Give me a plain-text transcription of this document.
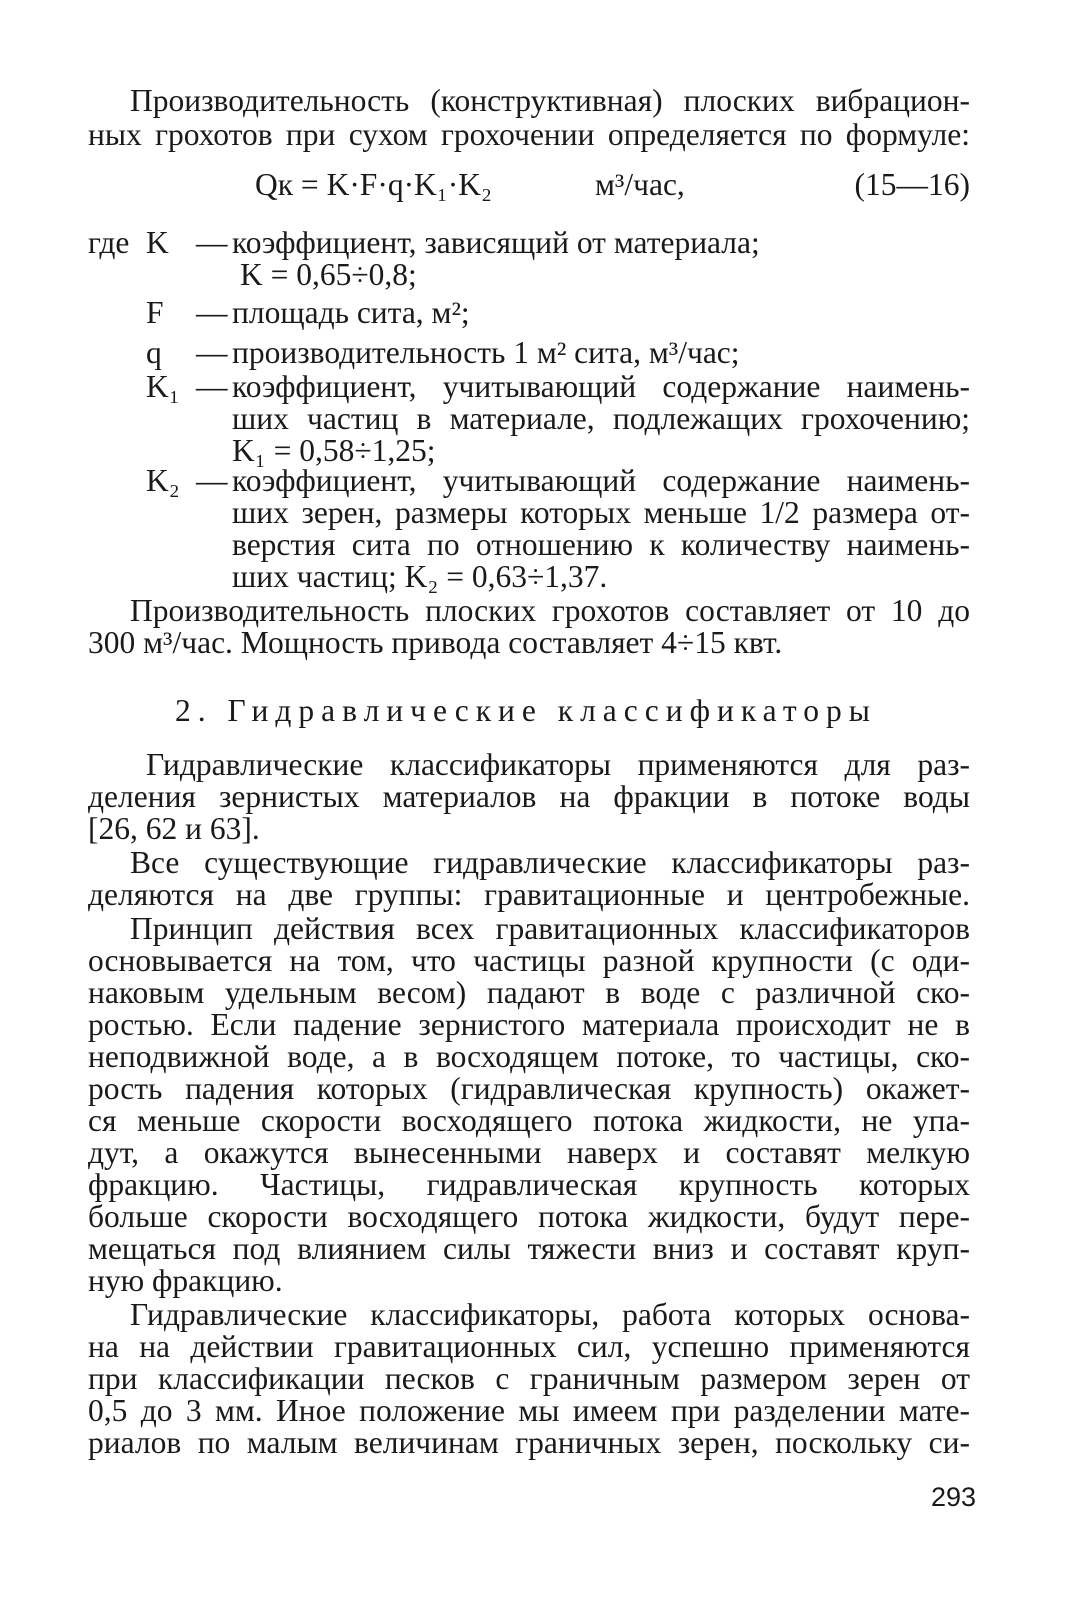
Производительность (конструктивная) плоских вибрацион-
ных грохотов при сухом грохочении определяется по формуле:
Qк = K·F·q·K₁·K₂	м³/час,	(15—16)
где K — коэффициент, зависящий от материала;
K = 0,65÷0,8;
F — площадь сита, м²;
q — производительность 1 м² сита, м³/час;
K₁ — коэффициент, учитывающий содержание наимень-
ших частиц в материале, подлежащих грохочению;
K₁ = 0,58÷1,25;
K₂ — коэффициент, учитывающий содержание наимень-
ших зерен, размеры которых меньше 1/2 размера от-
верстия сита по отношению к количеству наимень-
ших частиц; K₂ = 0,63÷1,37.
Производительность плоских грохотов составляет от 10 до
300 м³/час. Мощность привода составляет 4÷15 квт.
2. Гидравлические классификаторы
Гидравлические классификаторы применяются для раз-
деления зернистых материалов на фракции в потоке воды
[26, 62 и 63].
Все существующие гидравлические классификаторы раз-
деляются на две группы: гравитационные и центробежные.
Принцип действия всех гравитационных классификаторов
основывается на том, что частицы разной крупности (с оди-
наковым удельным весом) падают в воде с различной ско-
ростью. Если падение зернистого материала происходит не в
неподвижной воде, а в восходящем потоке, то частицы, ско-
рость падения которых (гидравлическая крупность) окажет-
ся меньше скорости восходящего потока жидкости, не упа-
дут, а окажутся вынесенными наверх и составят мелкую
фракцию. Частицы, гидравлическая крупность которых
больше скорости восходящего потока жидкости, будут пере-
мещаться под влиянием силы тяжести вниз и составят круп-
ную фракцию.
Гидравлические классификаторы, работа которых основа-
на на действии гравитационных сил, успешно применяются
при классификации песков с граничным размером зерен от
0,5 до 3 мм. Иное положение мы имеем при разделении мате-
риалов по малым величинам граничных зерен, поскольку си-
293
